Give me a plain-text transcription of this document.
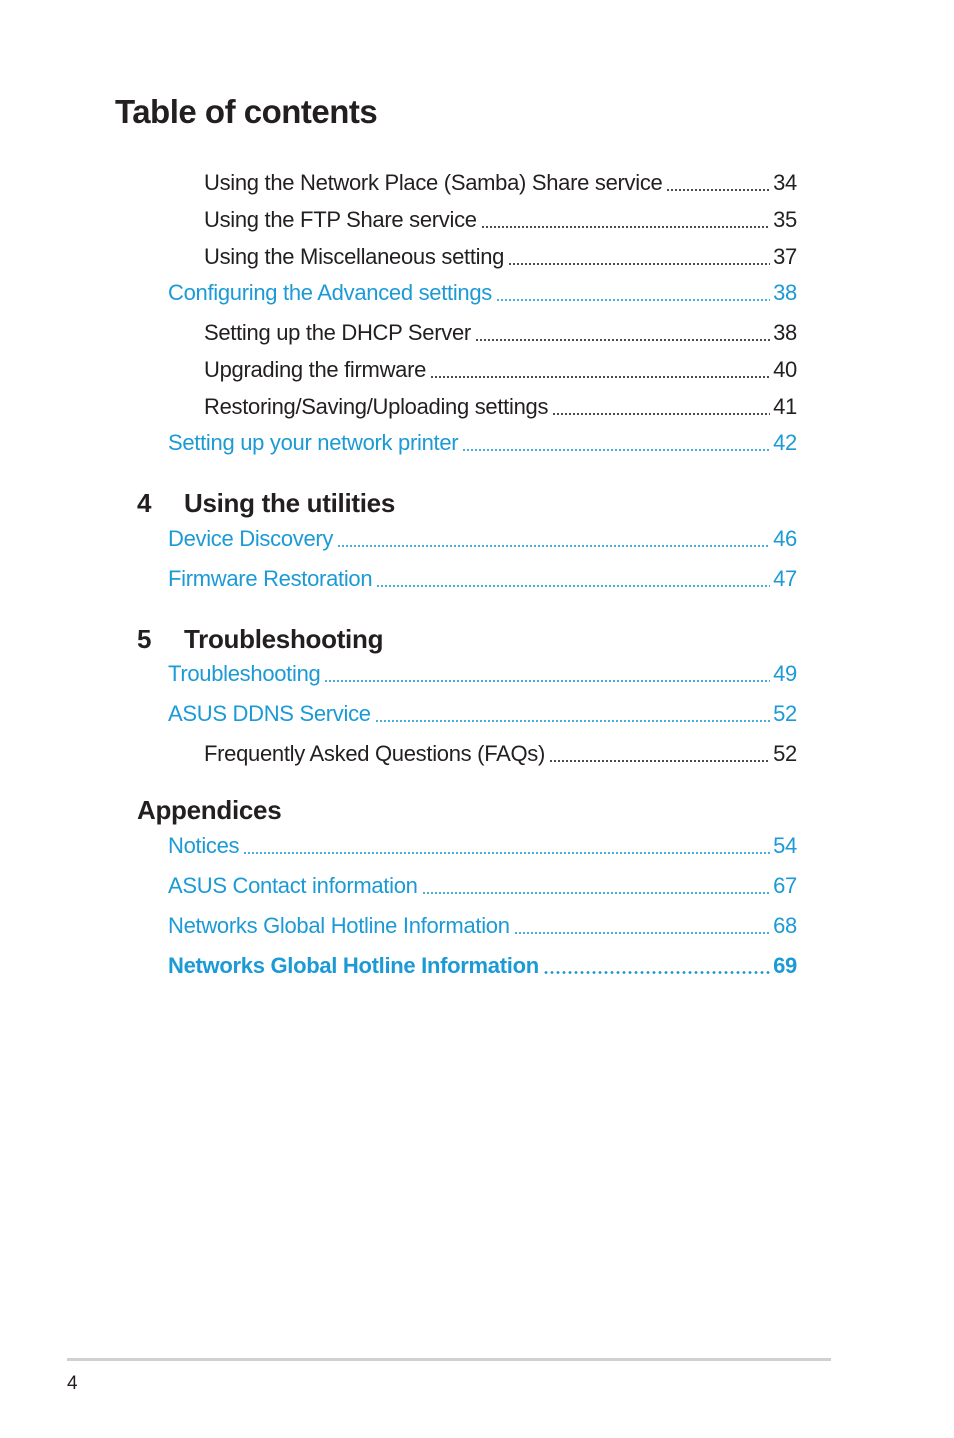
Table of contents
Using the Network Place (Samba) Share service	34
Using the FTP Share service	35
Using the Miscellaneous setting	37
Configuring the Advanced settings	38
Setting up the DHCP Server	38
Upgrading the firmware	40
Restoring/Saving/Uploading settings	41
Setting up your network printer	42
4	Using the utilities
Device Discovery	46
Firmware Restoration	47
5	Troubleshooting
Troubleshooting	49
ASUS DDNS Service	52
Frequently Asked Questions (FAQs)	52
Appendices
Notices	54
ASUS Contact information	67
Networks Global Hotline Information	68
Networks Global Hotline Information	69
4
